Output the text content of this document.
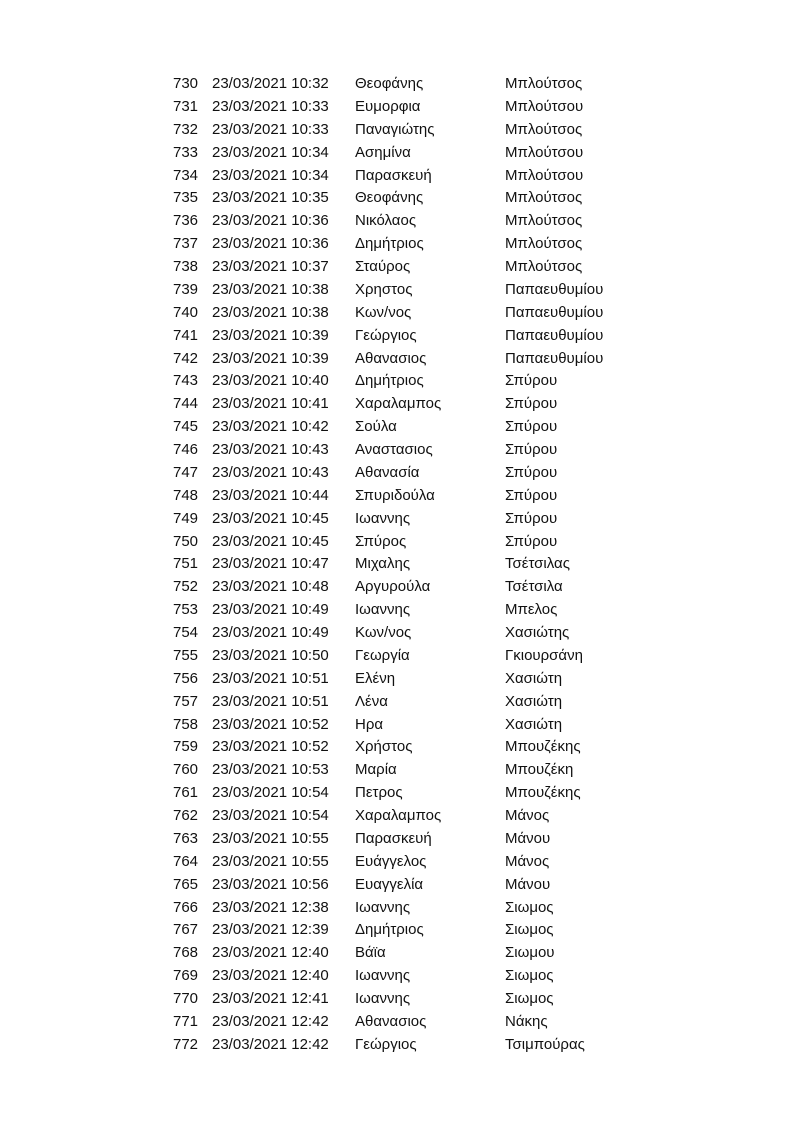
730 23/03/2021 10:32 Θεοφάνης	Μπλούτσος
731 23/03/2021 10:33 Ευμορφια	Μπλούτσου
732 23/03/2021 10:33 Παναγιώτης	Μπλούτσος
733 23/03/2021 10:34 Ασημίνα	Μπλούτσου
734 23/03/2021 10:34 Παρασκευή	Μπλούτσου
735 23/03/2021 10:35 Θεοφάνης	Μπλούτσος
736 23/03/2021 10:36 Νικόλαος	Μπλούτσος
737 23/03/2021 10:36 Δημήτριος	Μπλούτσος
738 23/03/2021 10:37 Σταύρος	Μπλούτσος
739 23/03/2021 10:38 Χρηστος	Παπαευθυμίου
740 23/03/2021 10:38 Κων/νος	Παπαευθυμίου
741 23/03/2021 10:39 Γεώργιος	Παπαευθυμίου
742 23/03/2021 10:39 Αθανασιος	Παπαευθυμίου
743 23/03/2021 10:40 Δημήτριος	Σπύρου
744 23/03/2021 10:41 Χαραλαμπος	Σπύρου
745 23/03/2021 10:42 Σούλα	Σπύρου
746 23/03/2021 10:43 Αναστασιος	Σπύρου
747 23/03/2021 10:43 Αθανασία	Σπύρου
748 23/03/2021 10:44 Σπυριδούλα	Σπύρου
749 23/03/2021 10:45 Ιωαννης	Σπύρου
750 23/03/2021 10:45 Σπύρος	Σπύρου
751 23/03/2021 10:47 Μιχαλης	Τσέτσιλας
752 23/03/2021 10:48 Αργυρούλα	Τσέτσιλα
753 23/03/2021 10:49 Ιωαννης	Μπελος
754 23/03/2021 10:49 Κων/νος	Χασιώτης
755 23/03/2021 10:50 Γεωργία	Γκιουρσάνη
756 23/03/2021 10:51 Ελένη	Χασιώτη
757 23/03/2021 10:51 Λένα	Χασιώτη
758 23/03/2021 10:52 Ηρα	Χασιώτη
759 23/03/2021 10:52 Χρήστος	Μπουζέκης
760 23/03/2021 10:53 Μαρία	Μπουζέκη
761 23/03/2021 10:54 Πετρος	Μπουζέκης
762 23/03/2021 10:54 Χαραλαμπος	Μάνος
763 23/03/2021 10:55 Παρασκευή	Μάνου
764 23/03/2021 10:55 Ευάγγελος	Μάνος
765 23/03/2021 10:56 Ευαγγελία	Μάνου
766 23/03/2021 12:38 Ιωαννης	Σιωμος
767 23/03/2021 12:39 Δημήτριος	Σιωμος
768 23/03/2021 12:40 Βάϊα	Σιωμου
769 23/03/2021 12:40 Ιωαννης	Σιωμος
770 23/03/2021 12:41 Ιωαννης	Σιωμος
771 23/03/2021 12:42 Αθανασιος	Νάκης
772 23/03/2021 12:42 Γεώργιος	Τσιμπούρας
